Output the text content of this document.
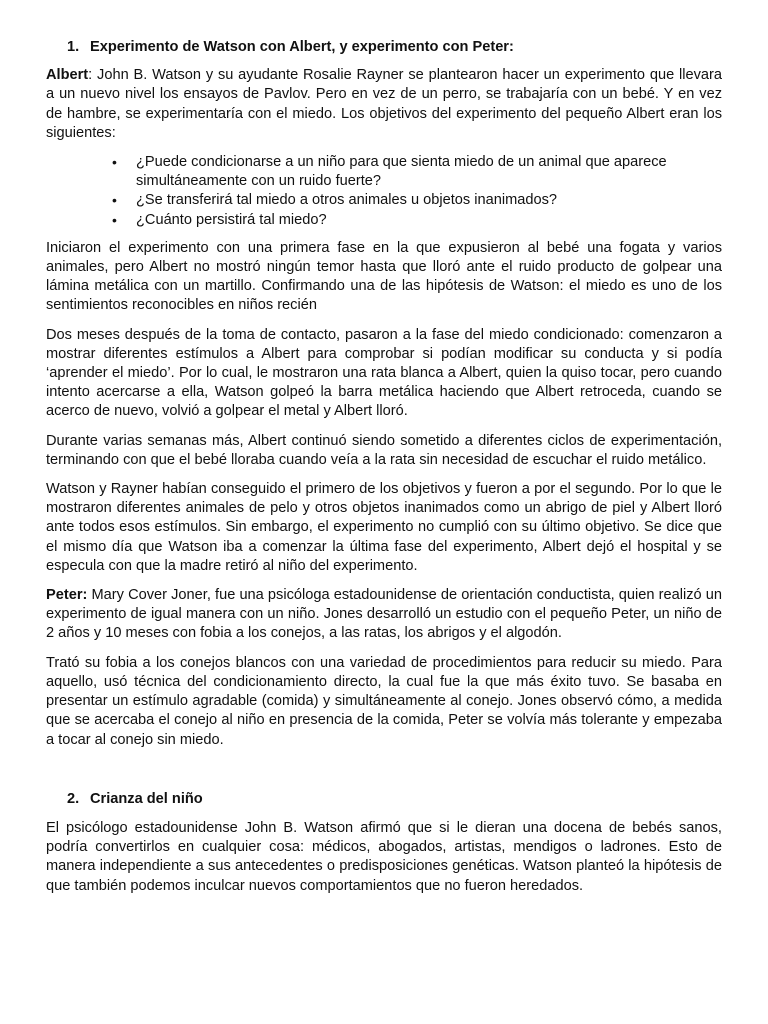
1. Experimento de Watson con Albert, y experimento con Peter:

Albert: John B. Watson y su ayudante Rosalie Rayner se plantearon hacer un experimento que llevara a un nuevo nivel los ensayos de Pavlov. Pero en vez de un perro, se trabajaría con un bebé. Y en vez de hambre, se experimentaría con el miedo. Los objetivos del experimento del pequeño Albert eran los siguientes:

• ¿Puede condicionarse a un niño para que sienta miedo de un animal que aparece simultáneamente con un ruido fuerte?
• ¿Se transferirá tal miedo a otros animales u objetos inanimados?
• ¿Cuánto persistirá tal miedo?

Iniciaron el experimento con una primera fase en la que expusieron al bebé una fogata y varios animales, pero Albert no mostró ningún temor hasta que lloró ante el ruido producto de golpear una lámina metálica con un martillo. Confirmando una de las hipótesis de Watson: el miedo es uno de los sentimientos reconocibles en niños recién

Dos meses después de la toma de contacto, pasaron a la fase del miedo condicionado: comenzaron a mostrar diferentes estímulos a Albert para comprobar si podían modificar su conducta y si podía ‘aprender el miedo’. Por lo cual, le mostraron una rata blanca a Albert, quien la quiso tocar, pero cuando intento acercarse a ella, Watson golpeó la barra metálica haciendo que Albert retroceda, cuando se acerco de nuevo, volvió a golpear el metal y Albert lloró.

Durante varias semanas más, Albert continuó siendo sometido a diferentes ciclos de experimentación, terminando con que el bebé lloraba cuando veía a la rata sin necesidad de escuchar el ruido metálico.

Watson y Rayner habían conseguido el primero de los objetivos y fueron a por el segundo. Por lo que le mostraron diferentes animales de pelo y otros objetos inanimados como un abrigo de piel y Albert lloró ante todos esos estímulos. Sin embargo, el experimento no cumplió con su último objetivo. Se dice que el mismo día que Watson iba a comenzar la última fase del experimento, Albert dejó el hospital y se especula con que la madre retiró al niño del experimento.

Peter: Mary Cover Joner, fue una psicóloga estadounidense de orientación conductista, quien realizó un experimento de igual manera con un niño. Jones desarrolló un estudio con el pequeño Peter, un niño de 2 años y 10 meses con fobia a los conejos, a las ratas, los abrigos y el algodón.

Trató su fobia a los conejos blancos con una variedad de procedimientos para reducir su miedo. Para aquello, usó técnica del condicionamiento directo, la cual fue la que más éxito tuvo. Se basaba en presentar un estímulo agradable (comida) y simultáneamente al conejo. Jones observó cómo, a medida que se acercaba el conejo al niño en presencia de la comida, Peter se volvía más tolerante y empezaba a tocar al conejo sin miedo.

2. Crianza del niño

El psicólogo estadounidense John B. Watson afirmó que si le dieran una docena de bebés sanos, podría convertirlos en cualquier cosa: médicos, abogados, artistas, mendigos o ladrones. Esto de manera independiente a sus antecedentes o predisposiciones genéticas. Watson planteó la hipótesis de que también podemos inculcar nuevos comportamientos que no fueron heredados.
